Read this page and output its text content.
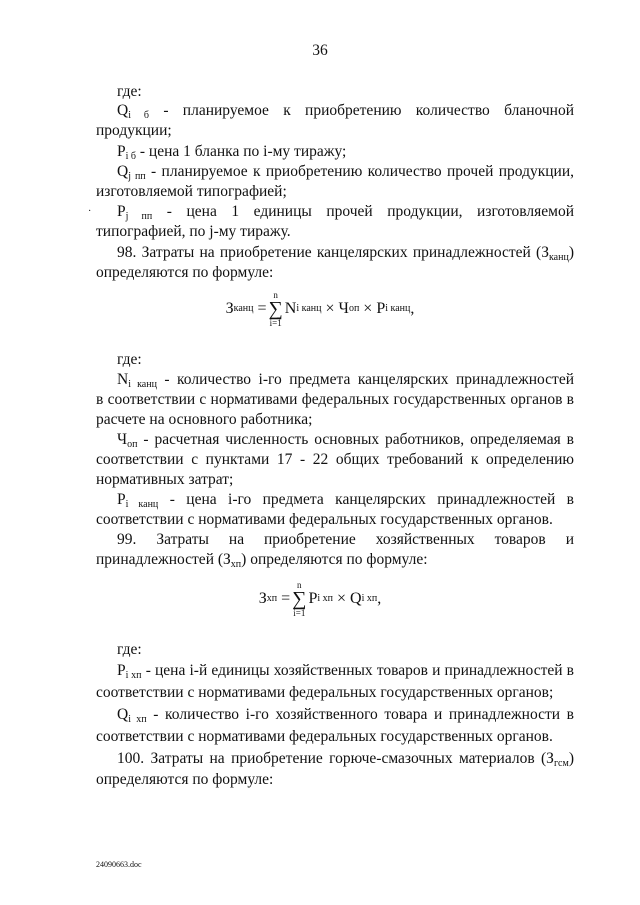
36

где:

$Q_{i б}$ - планируемое к приобретению количество бланочной

продукции;

$P_{i б}$ - цена 1 бланка по i-му тиражу;

$Q_{j пп}$ - планируемое к приобретению количество прочей продукции,

изготовляемой типографией;

·	$P_{j пп}$ - цена 1 единицы прочей продукции, изготовляемой

типографией, по j-му тиражу.

98. Затраты на приобретение канцелярских принадлежностей $(З_{канц})$

определяются по формуле:

З канц
=
n
∑
i=1
N i канц
×
Ч оп
×
P i канц ,

где:

$N_{i канц}$ - количество i-го предмета канцелярских принадлежностей

в соответствии с нормативами федеральных государственных органов в

расчете на основного работника;

$Ч_{оп}$ - расчетная численность основных работников, определяемая в

соответствии с пунктами 17 - 22 общих требований к определению

нормативных затрат;

$P_{i канц}$ - цена i-го предмета канцелярских принадлежностей в

соответствии с нормативами федеральных государственных органов.

99. Затраты на приобретение хозяйственных товаров и

принадлежностей $(З_{хп})$ определяются по формуле:

З хп
=
n
∑
i=1
P i хп
×
Q i хп ,

где:

$P_{i хп}$ - цена i-й единицы хозяйственных товаров и принадлежностей в

соответствии с нормативами федеральных государственных органов;

$Q_{i хп}$ - количество i-го хозяйственного товара и принадлежности в

соответствии с нормативами федеральных государственных органов.

100. Затраты на приобретение горюче-смазочных материалов $(З_{гсм})$

определяются по формуле:

24090663.doc
